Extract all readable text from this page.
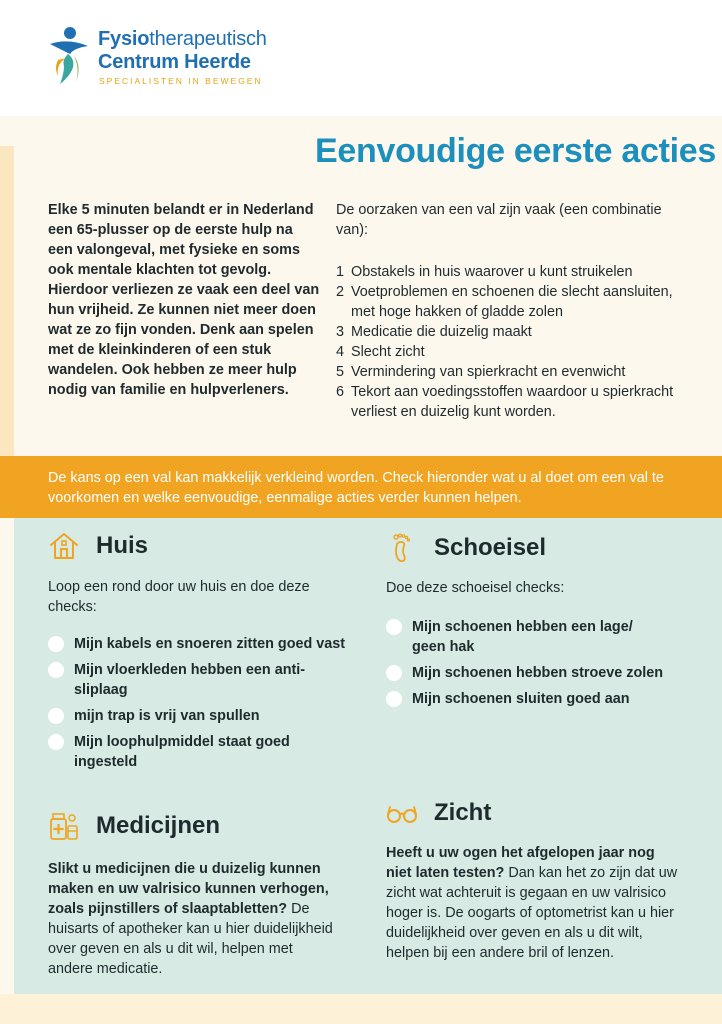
Fysiotherapeutisch
Centrum Heerde
SPECIALISTEN IN BEWEGEN
Eenvoudige eerste acties

Elke 5 minuten belandt er in Nederland een 65-plusser op de eerste hulp na een valongeval, met fysieke en soms ook mentale klachten tot gevolg. Hierdoor verliezen ze vaak een deel van hun vrijheid. Ze kunnen niet meer doen wat ze zo fijn vonden. Denk aan spelen met de kleinkinderen of een stuk wandelen. Ook hebben ze meer hulp nodig van familie en hulpverleners.

De oorzaken van een val zijn vaak (een combinatie van):

1 Obstakels in huis waarover u kunt struikelen
2 Voetproblemen en schoenen die slecht aansluiten, met hoge hakken of gladde zolen
3 Medicatie die duizelig maakt
4 Slecht zicht
5 Vermindering van spierkracht en evenwicht
6 Tekort aan voedingsstoffen waardoor u spierkracht verliest en duizelig kunt worden.
De kans op een val kan makkelijk verkleind worden. Check hieronder wat u al doet om een val te voorkomen en welke eenvoudige, eenmalige acties verder kunnen helpen.
Huis

Loop een rond door uw huis en doe deze checks:

Mijn kabels en snoeren zitten goed vast
Mijn vloerkleden hebben een anti-sliplaag
mijn trap is vrij van spullen
Mijn loophulpmiddel staat goed ingesteld
Schoeisel

Doe deze schoeisel checks:

Mijn schoenen hebben een lage/ geen hak
Mijn schoenen hebben stroeve zolen
Mijn schoenen sluiten goed aan
Medicijnen

Slikt u medicijnen die u duizelig kunnen maken en uw valrisico kunnen verhogen, zoals pijnstillers of slaaptabletten? De huisarts of apotheker kan u hier duidelijkheid over geven en als u dit wil, helpen met andere medicatie.

Zicht

Heeft u uw ogen het afgelopen jaar nog niet laten testen? Dan kan het zo zijn dat uw zicht wat achteruit is gegaan en uw valrisico hoger is. De oogarts of optometrist kan u hier duidelijkheid over geven en als u dit wilt, helpen bij een andere bril of lenzen.
